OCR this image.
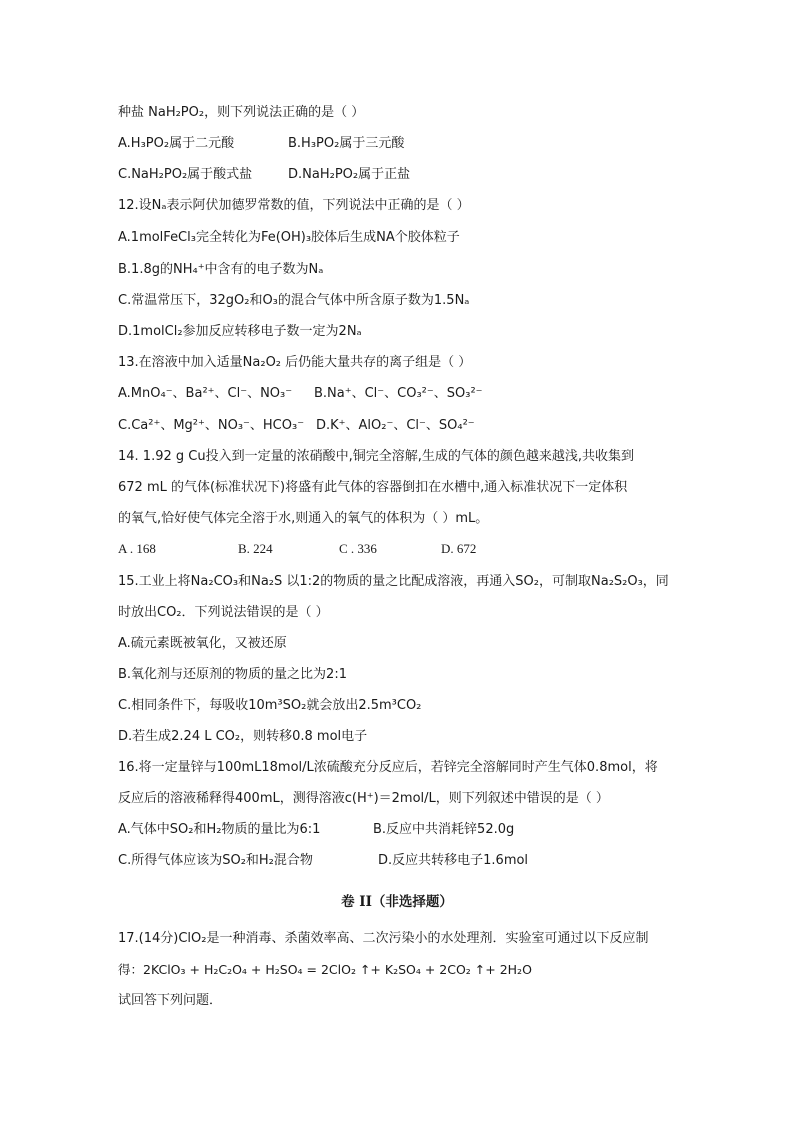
种盐 NaH₂PO₂，则下列说法正确的是（ ）
A.H₃PO₂属于二元酸	B.H₃PO₂属于三元酸
C.NaH₂PO₂属于酸式盐	D.NaH₂PO₂属于正盐
12.设Nₐ表示阿伏加德罗常数的值，下列说法中正确的是（ ）
A.1molFeCl₃完全转化为Fe(OH)₃胶体后生成NA个胶体粒子
B.1.8g的NH₄⁺中含有的电子数为Nₐ
C.常温常压下，32gO₂和O₃的混合气体中所含原子数为1.5Nₐ
D.1molCl₂参加反应转移电子数一定为2Nₐ
13.在溶液中加入适量Na₂O₂ 后仍能大量共存的离子组是（ ）
A.MnO₄⁻、Ba²⁺、Cl⁻、NO₃⁻ B.Na⁺、Cl⁻、CO₃²⁻、SO₃²⁻
C.Ca²⁺、Mg²⁺、NO₃⁻、HCO₃⁻ D.K⁺、AlO₂⁻、Cl⁻、SO₄²⁻
14. 1.92 g Cu投入到一定量的浓硝酸中,铜完全溶解,生成的气体的颜色越来越浅,共收集到
672 mL 的气体(标准状况下)将盛有此气体的容器倒扣在水槽中,通入标准状况下一定体积
的氧气,恰好使气体完全溶于水,则通入的氧气的体积为（ ）mL。
A . 168	B. 224	C . 336	D. 672
15.工业上将Na₂CO₃和Na₂S 以1:2的物质的量之比配成溶液，再通入SO₂，可制取Na₂S₂O₃，同
时放出CO₂．下列说法错误的是（ ）
A.硫元素既被氧化，又被还原
B.氧化剂与还原剂的物质的量之比为2:1
C.相同条件下，每吸收10m³SO₂就会放出2.5m³CO₂
D.若生成2.24 L CO₂，则转移0.8 mol电子
16.将一定量锌与100mL18mol/L浓硫酸充分反应后，若锌完全溶解同时产生气体0.8mol，将
反应后的溶液稀释得400mL，测得溶液c(H⁺)＝2mol/L，则下列叙述中错误的是（ ）
A.气体中SO₂和H₂物质的量比为6:1	B.反应中共消耗锌52.0g
C.所得气体应该为SO₂和H₂混合物	D.反应共转移电子1.6mol
卷 II（非选择题）
17.(14分)ClO₂是一种消毒、杀菌效率高、二次污染小的水处理剂．实验室可通过以下反应制
得：2KClO₃ + H₂C₂O₄ + H₂SO₄ = 2ClO₂ ↑+ K₂SO₄ + 2CO₂ ↑+ 2H₂O
试回答下列问题．
